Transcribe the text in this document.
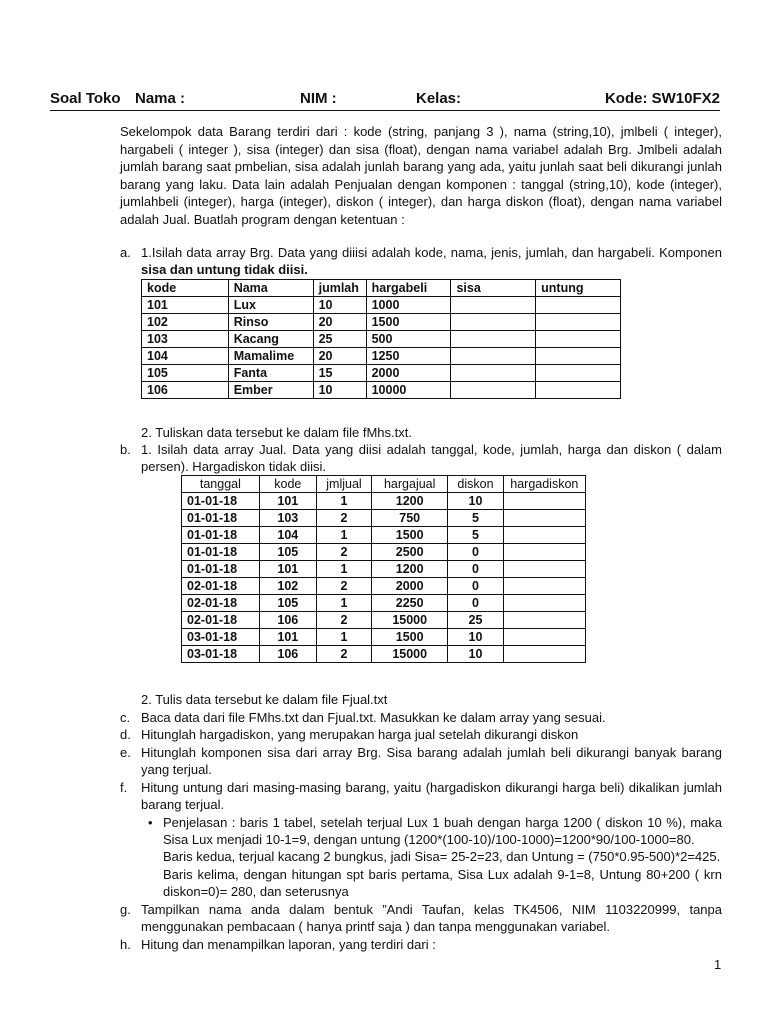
Soal Toko Nama :	NIM :	Kelas:	Kode: SW10FX2

Sekelompok data Barang terdiri dari : kode (string, panjang 3 ), nama (string,10), jmlbeli ( integer), hargabeli ( integer ), sisa (integer) dan sisa (float), dengan nama variabel adalah Brg. Jmlbeli adalah jumlah barang saat pmbelian, sisa adalah junlah barang yang ada, yaitu junlah saat beli dikurangi junlah barang yang laku. Data lain adalah Penjualan dengan komponen : tanggal (string,10), kode (integer), jumlahbeli (integer), harga (integer), diskon ( integer), dan harga diskon (float), dengan nama variabel adalah Jual. Buatlah program dengan ketentuan :

a. 1.Isilah data array Brg. Data yang diiisi adalah kode, nama, jenis, jumlah, dan hargabeli. Komponen sisa dan untung tidak diisi.
kode	Nama	jumlah	hargabeli	sisa	untung
101	Lux	10	1000		
102	Rinso	20	1500		
103	Kacang	25	500		
104	Mamalime	20	1250		
105	Fanta	15	2000		
106	Ember	10	10000		
2. Tuliskan data tersebut ke dalam file fMhs.txt.
b. 1. Isilah data array Jual. Data yang diisi adalah tanggal, kode, jumlah, harga dan diskon ( dalam persen). Hargadiskon tidak diisi.
tanggal	kode	jmljual	hargajual	diskon	hargadiskon
01-01-18	101	1	1200	10	
01-01-18	103	2	750	5	
01-01-18	104	1	1500	5	
01-01-18	105	2	2500	0	
01-01-18	101	1	1200	0	
02-01-18	102	2	2000	0	
02-01-18	105	1	2250	0	
02-01-18	106	2	15000	25	
03-01-18	101	1	1500	10	
03-01-18	106	2	15000	10	
2. Tulis data tersebut ke dalam file Fjual.txt
c. Baca data dari file FMhs.txt dan Fjual.txt. Masukkan ke dalam array yang sesuai.
d. Hitunglah hargadiskon, yang merupakan harga jual setelah dikurangi diskon
e. Hitunglah komponen sisa dari array Brg. Sisa barang adalah jumlah beli dikurangi banyak barang yang terjual.
f. Hitung untung dari masing-masing barang, yaitu (hargadiskon dikurangi harga beli) dikalikan jumlah barang terjual.
• Penjelasan : baris 1 tabel, setelah terjual Lux 1 buah dengan harga 1200 ( diskon 10 %), maka Sisa Lux menjadi 10-1=9, dengan untung (1200*(100-10)/100-1000)=1200*90/100-1000=80.
Baris kedua, terjual kacang 2 bungkus, jadi Sisa= 25-2=23, dan Untung = (750*0.95-500)*2=425.
Baris kelima, dengan hitungan spt baris pertama, Sisa Lux adalah 9-1=8, Untung 80+200 ( krn diskon=0)= 280, dan seterusnya
g. Tampilkan nama anda dalam bentuk ”Andi Taufan, kelas TK4506, NIM 1103220999, tanpa menggunakan pembacaan ( hanya printf saja ) dan tanpa menggunakan variabel.
h. Hitung dan menampilkan laporan, yang terdiri dari :
1
